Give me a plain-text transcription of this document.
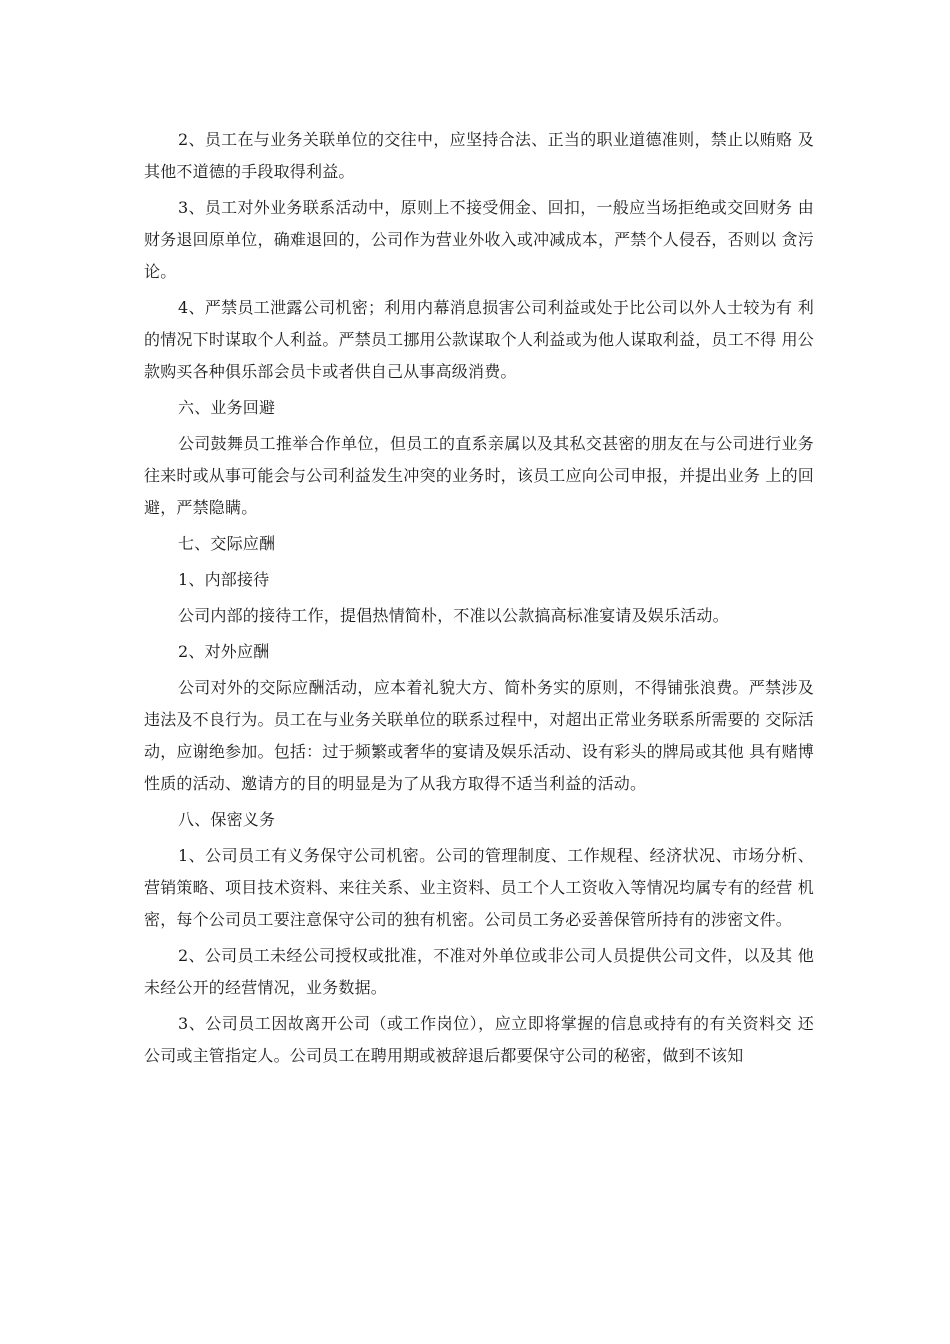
2、员工在与业务关联单位的交往中，应坚持合法、正当的职业道德准则，禁止以贿赂 及其他不道德的手段取得利益。

3、员工对外业务联系活动中，原则上不接受佣金、回扣，一般应当场拒绝或交回财务 由财务退回原单位，确难退回的，公司作为营业外收入或冲减成本，严禁个人侵吞，否则以 贪污论。

4、严禁员工泄露公司机密；利用内幕消息损害公司利益或处于比公司以外人士较为有 利的情况下时谋取个人利益。严禁员工挪用公款谋取个人利益或为他人谋取利益，员工不得 用公款购买各种俱乐部会员卡或者供自己从事高级消费。

六、业务回避

公司鼓舞员工推举合作单位，但员工的直系亲属以及其私交甚密的朋友在与公司进行业务往来时或从事可能会与公司利益发生冲突的业务时，该员工应向公司申报，并提出业务 上的回避，严禁隐瞒。

七、交际应酬

1、内部接待

公司内部的接待工作，提倡热情简朴，不准以公款搞高标准宴请及娱乐活动。

2、对外应酬

公司对外的交际应酬活动，应本着礼貌大方、简朴务实的原则，不得铺张浪费。严禁涉及违法及不良行为。员工在与业务关联单位的联系过程中，对超出正常业务联系所需要的 交际活动，应谢绝参加。包括：过于频繁或奢华的宴请及娱乐活动、设有彩头的牌局或其他 具有赌博性质的活动、邀请方的目的明显是为了从我方取得不适当利益的活动。

八、保密义务

1、公司员工有义务保守公司机密。公司的管理制度、工作规程、经济状况、市场分析、 营销策略、项目技术资料、来往关系、业主资料、员工个人工资收入等情况均属专有的经营 机密，每个公司员工要注意保守公司的独有机密。公司员工务必妥善保管所持有的涉密文件。

2、公司员工未经公司授权或批准，不准对外单位或非公司人员提供公司文件，以及其 他未经公开的经营情况，业务数据。

3、公司员工因故离开公司（或工作岗位），应立即将掌握的信息或持有的有关资料交 还公司或主管指定人。公司员工在聘用期或被辞退后都要保守公司的秘密，做到不该知
